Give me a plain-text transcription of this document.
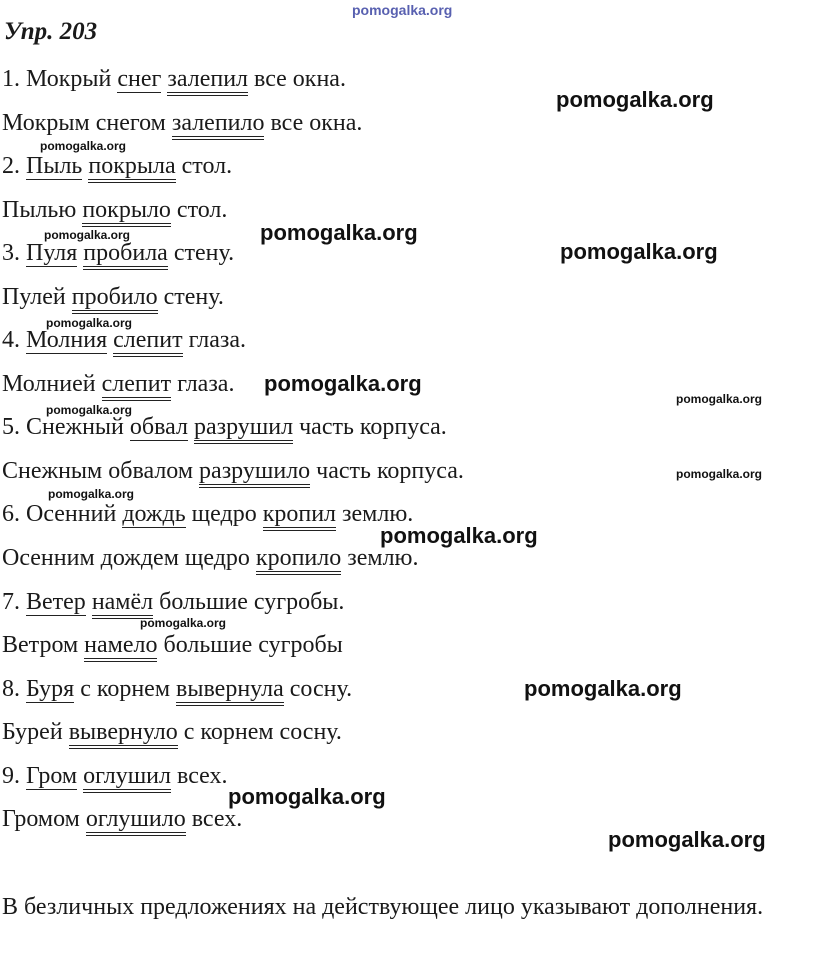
pomogalka.org
Упр. 203
1. Мокрый снег залепил все окна.
Мокрым снегом залепило все окна.
2. Пыль покрыла стол.
Пылью покрыло стол.
3. Пуля пробила стену.
Пулей пробило стену.
4. Молния слепит глаза.
Молнией слепит глаза.
5. Снежный обвал разрушил часть корпуса.
Снежным обвалом разрушило часть корпуса.
6. Осенний дождь щедро кропил землю.
Осенним дождем щедро кропило землю.
7. Ветер намёл большие сугробы.
Ветром намело большие сугробы
8. Буря с корнем вывернула сосну.
Бурей вывернуло с корнем сосну.
9. Гром оглушил всех.
Громом оглушило всех.
В безличных предложениях на действующее лицо указывают дополнения.
pomogalka.org
pomogalka.org
pomogalka.org	pomogalka.org
pomogalka.org
pomogalka.org
pomogalka.org
pomogalka.org
pomogalka.org
pomogalka.org
pomogalka.org
pomogalka.org
pomogalka.org
pomogalka.org
pomogalka.org
pomogalka.org
